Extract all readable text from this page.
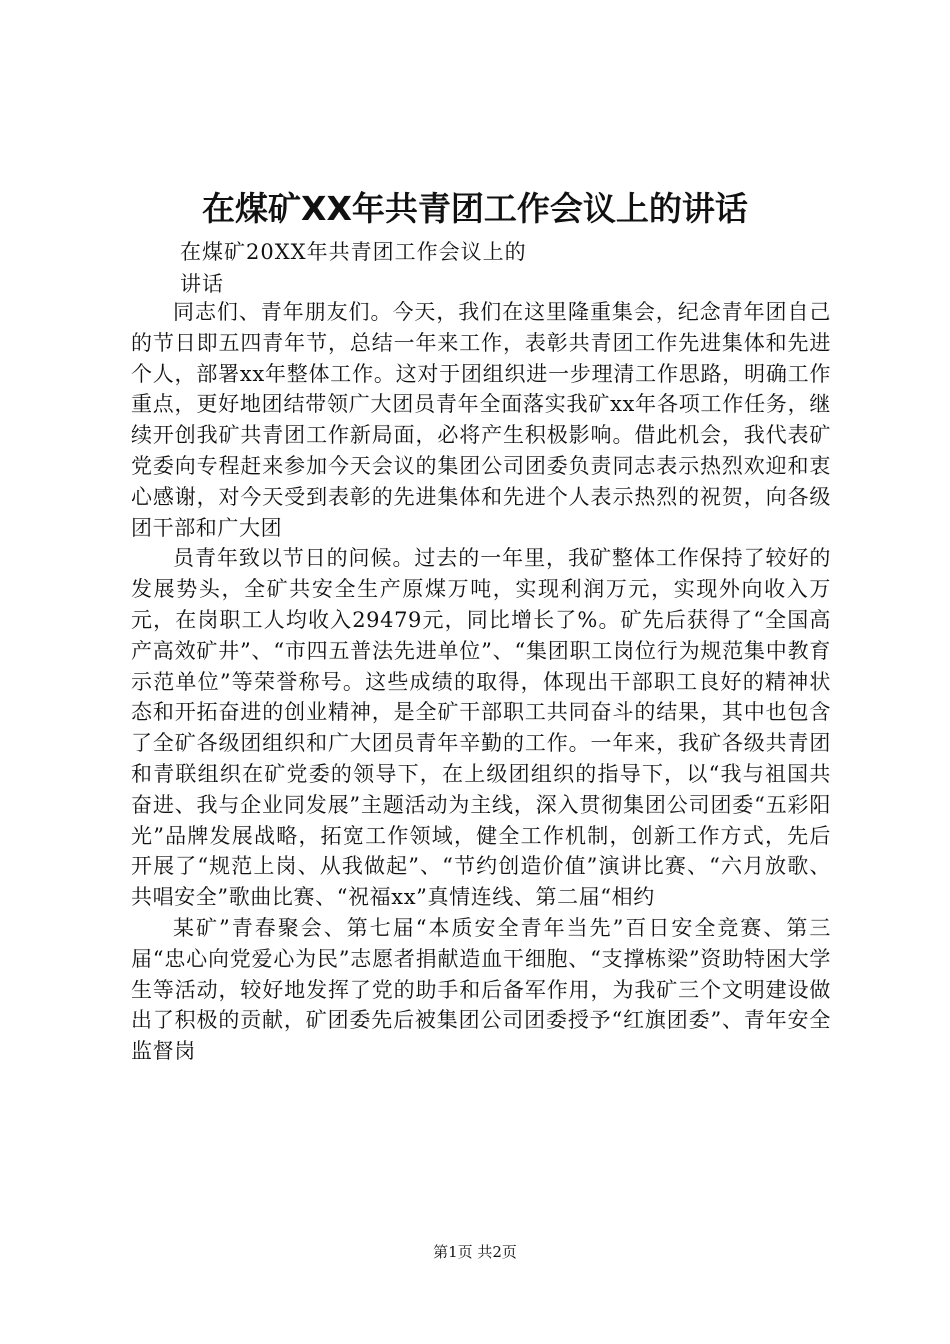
在煤矿XX年共青团工作会议上的讲话
在煤矿20XX年共青团工作会议上的
讲话

同志们、青年朋友们。今天，我们在这里隆重集会，纪念青年团自己的节日即五四青年节，总结一年来工作，表彰共青团工作先进集体和先进个人，部署xx年整体工作。这对于团组织进一步理清工作思路，明确工作重点，更好地团结带领广大团员青年全面落实我矿xx年各项工作任务，继续开创我矿共青团工作新局面，必将产生积极影响。借此机会，我代表矿党委向专程赶来参加今天会议的集团公司团委负责同志表示热烈欢迎和衷心感谢，对今天受到表彰的先进集体和先进个人表示热烈的祝贺，向各级团干部和广大团

员青年致以节日的问候。过去的一年里，我矿整体工作保持了较好的发展势头，全矿共安全生产原煤万吨，实现利润万元，实现外向收入万元，在岗职工人均收入29479元，同比增长了%。矿先后获得了“全国高产高效矿井”、“市四五普法先进单位”、“集团职工岗位行为规范集中教育示范单位”等荣誉称号。这些成绩的取得，体现出干部职工良好的精神状态和开拓奋进的创业精神，是全矿干部职工共同奋斗的结果，其中也包含了全矿各级团组织和广大团员青年辛勤的工作。一年来，我矿各级共青团和青联组织在矿党委的领导下，在上级团组织的指导下，以“我与祖国共奋进、我与企业同发展”主题活动为主线，深入贯彻集团公司团委“五彩阳光”品牌发展战略，拓宽工作领域，健全工作机制，创新工作方式，先后开展了“规范上岗、从我做起”、“节约创造价值”演讲比赛、“六月放歌、共唱安全”歌曲比赛、“祝福xx”真情连线、第二届“相约

某矿”青春聚会、第七届“本质安全青年当先”百日安全竞赛、第三届“忠心向党爱心为民”志愿者捐献造血干细胞、“支撑栋梁”资助特困大学生等活动，较好地发挥了党的助手和后备军作用，为我矿三个文明建设做出了积极的贡献，矿团委先后被集团公司团委授予“红旗团委”、青年安全监督岗

第1页 共2页
